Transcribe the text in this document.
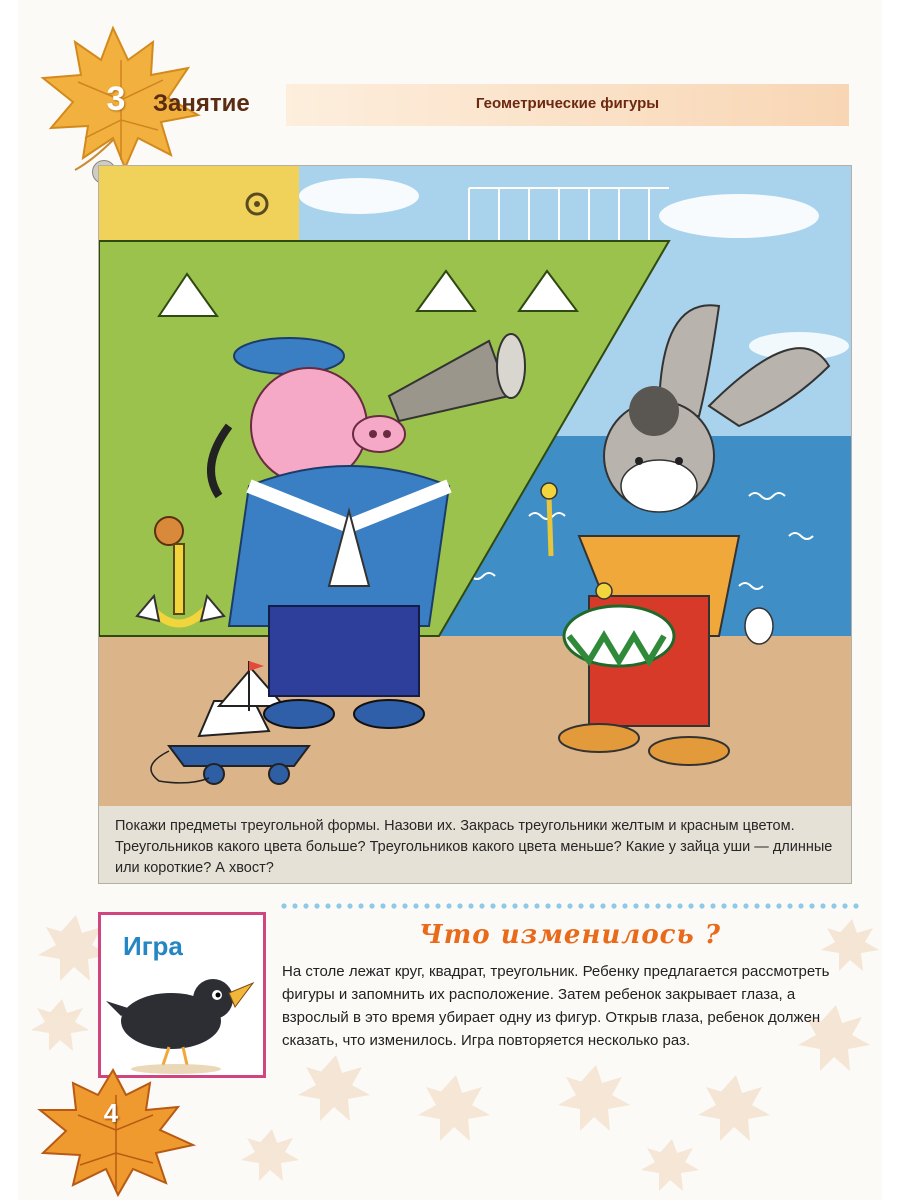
3	Занятие	Геометрические фигуры
Покажи предметы треугольной формы. Назови их. Закрась треугольники желтым и красным цветом. Треугольников какого цвета больше? Треугольников какого цвета меньше? Какие у зайца уши — длинные или короткие? А хвост?
Игра	Что изменилось ?
На столе лежат круг, квадрат, треугольник. Ребенку предлагается рассмотреть фигуры и запомнить их расположение. Затем ребенок закрывает глаза, а взрослый в это время убирает одну из фигур. Открыв глаза, ребенок должен сказать, что изменилось. Игра повторяется несколько раз.
4
